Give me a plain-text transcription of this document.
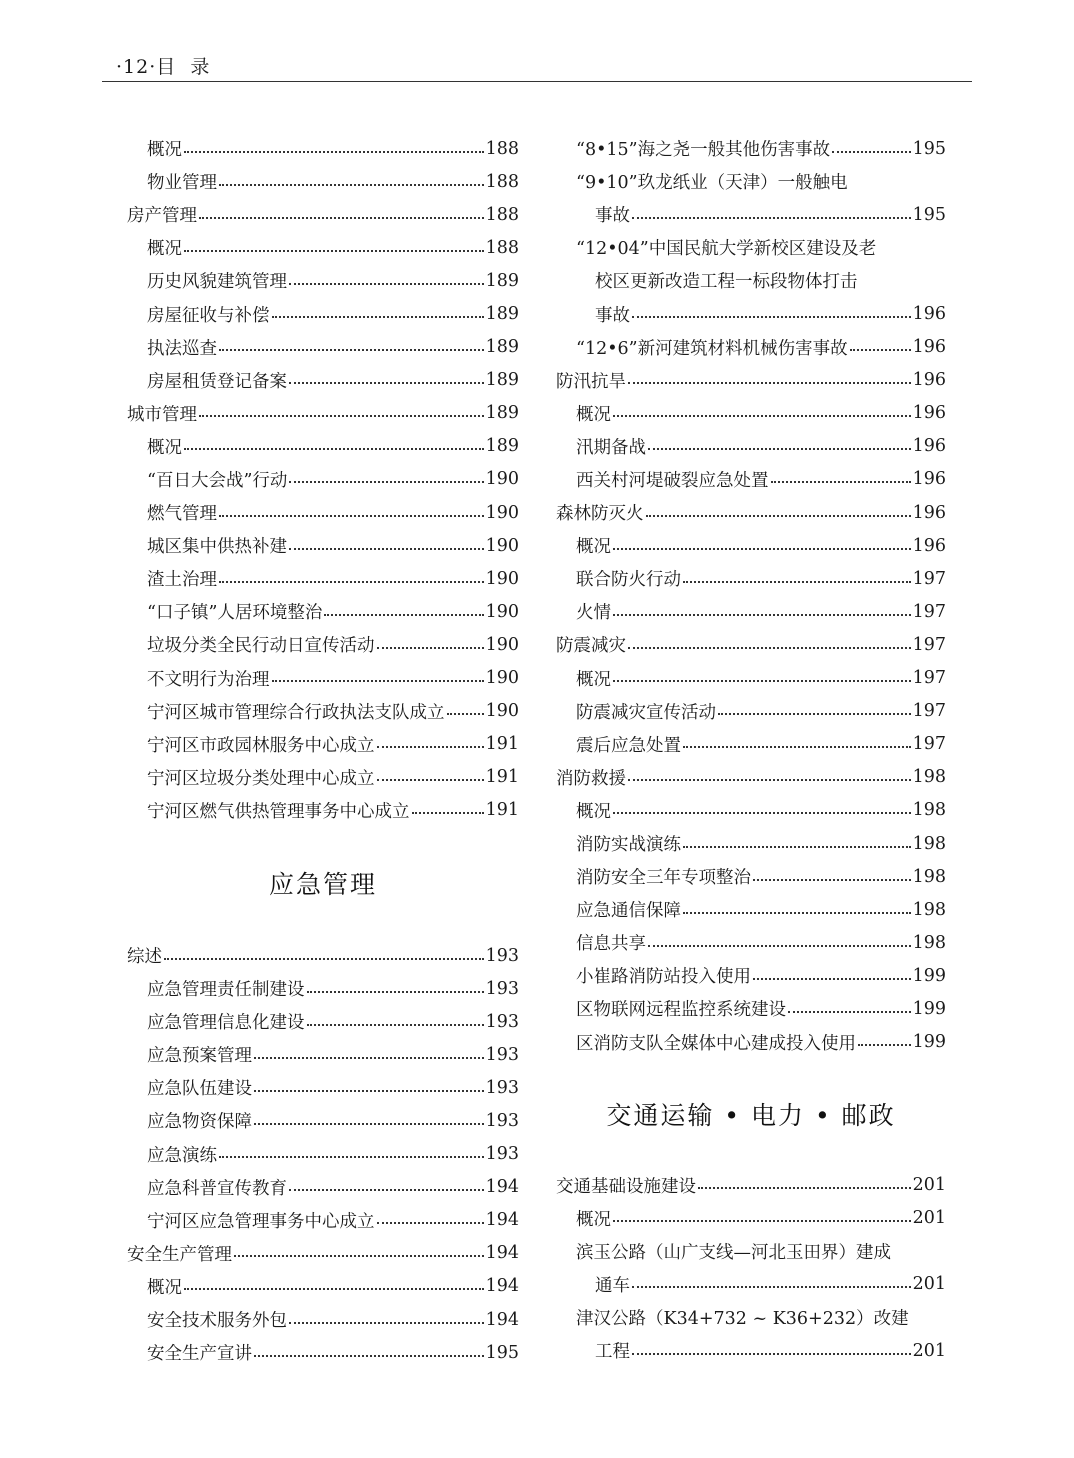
·12·目  录
概况	188
物业管理	188
房产管理	188
概况	188
历史风貌建筑管理	189
房屋征收与补偿	189
执法巡查	189
房屋租赁登记备案	189
城市管理	189
概况	189
“百日大会战”行动	190
燃气管理	190
城区集中供热补建	190
渣土治理	190
“口子镇”人居环境整治	190
垃圾分类全民行动日宣传活动	190
不文明行为治理	190
宁河区城市管理综合行政执法支队成立 190
宁河区市政园林服务中心成立	191
宁河区垃圾分类处理中心成立	191
宁河区燃气供热管理事务中心成立	191
应急管理
综述	193
应急管理责任制建设	193
应急管理信息化建设	193
应急预案管理	193
应急队伍建设	193
应急物资保障	193
应急演练	193
应急科普宣传教育	194
宁河区应急管理事务中心成立	194
安全生产管理	194
概况	194
安全技术服务外包	194
安全生产宣讲	195
“8•15”海之尧一般其他伤害事故	195
“9•10”玖龙纸业（天津）一般触电
事故	195
“12•04”中国民航大学新校区建设及老
校区更新改造工程一标段物体打击
事故	196
“12•6”新河建筑材料机械伤害事故	196
防汛抗旱	196
概况	196
汛期备战	196
西关村河堤破裂应急处置	196
森林防灭火	196
概况	196
联合防火行动	197
火情	197
防震减灾	197
概况	197
防震减灾宣传活动	197
震后应急处置	197
消防救援	198
概况	198
消防实战演练	198
消防安全三年专项整治	198
应急通信保障	198
信息共享	198
小崔路消防站投入使用	199
区物联网远程监控系统建设	199
区消防支队全媒体中心建成投入使用	199
交通运输 • 电力 • 邮政
交通基础设施建设	201
概况	201
滨玉公路（山广支线—河北玉田界）建成
通车	201
津汉公路（K34+732 ~ K36+232）改建
工程	201
